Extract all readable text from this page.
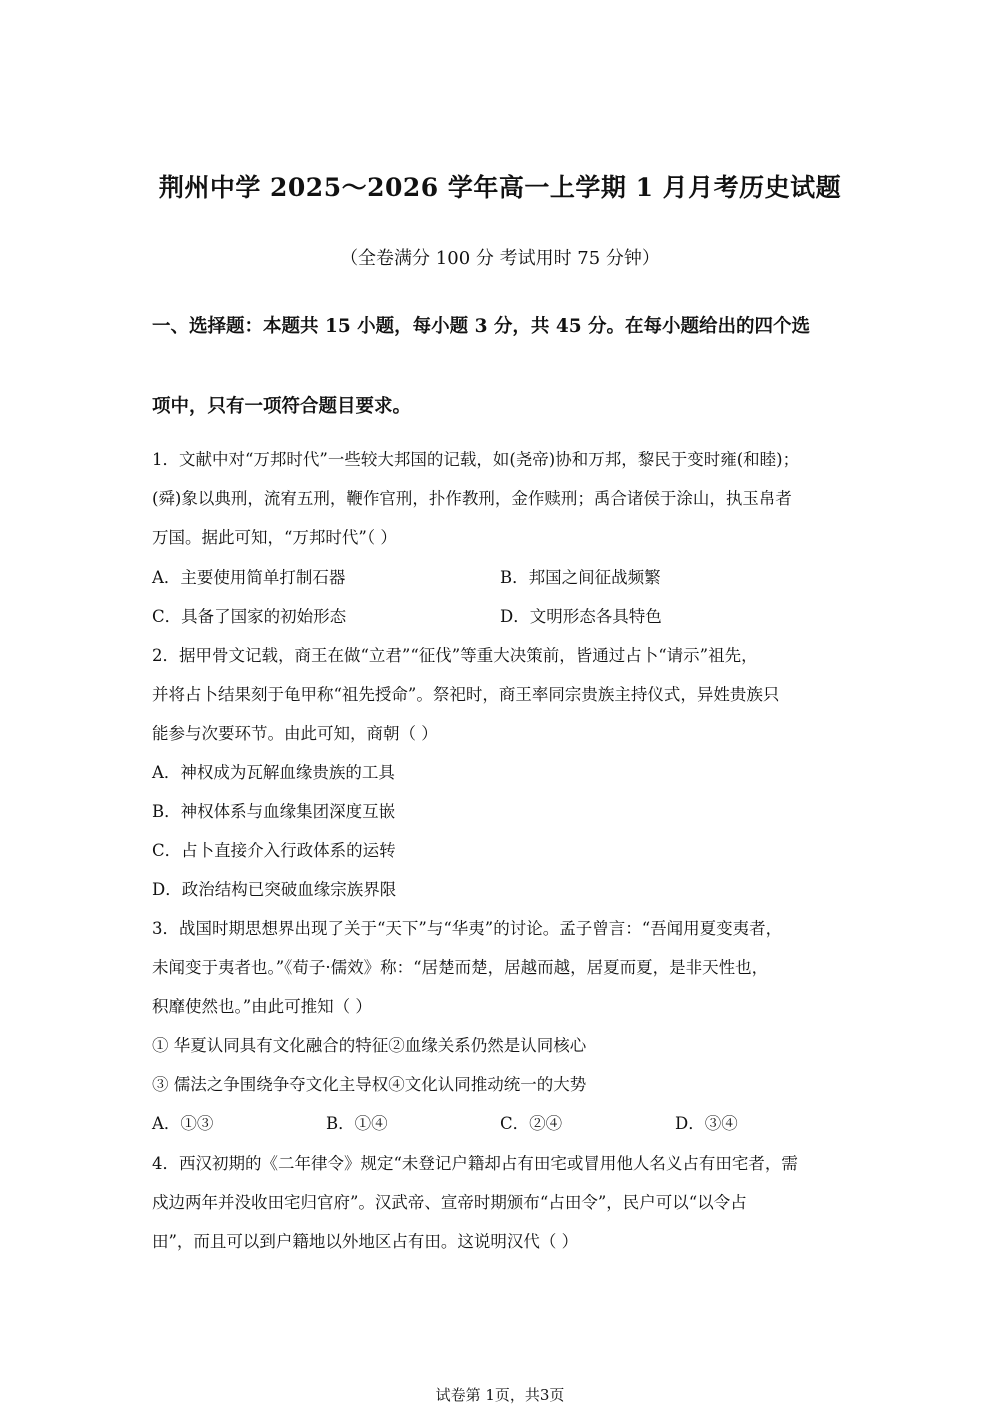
荆州中学 2025～2026 学年高一上学期 1 月月考历史试题
（全卷满分 100 分 考试用时 75 分钟）
一、选择题：本题共 15 小题，每小题 3 分，共 45 分。在每小题给出的四个选
项中，只有一项符合题目要求。
1．文献中对“万邦时代”一些较大邦国的记载，如(尧帝)协和万邦，黎民于变时雍(和睦)；
(舜)象以典刑，流宥五刑，鞭作官刑，扑作教刑，金作赎刑；禹合诸侯于涂山，执玉帛者
万国。据此可知，“万邦时代”（ ）
A．主要使用简单打制石器	B．邦国之间征战频繁
C．具备了国家的初始形态	D．文明形态各具特色
2．据甲骨文记载，商王在做“立君”“征伐”等重大决策前，皆通过占卜“请示”祖先，
并将占卜结果刻于龟甲称“祖先授命”。祭祀时，商王率同宗贵族主持仪式，异姓贵族只
能参与次要环节。由此可知，商朝（ ）
A．神权成为瓦解血缘贵族的工具
B．神权体系与血缘集团深度互嵌
C．占卜直接介入行政体系的运转
D．政治结构已突破血缘宗族界限
3．战国时期思想界出现了关于“天下”与“华夷”的讨论。孟子曾言：“吾闻用夏变夷者，
未闻变于夷者也。”《荀子·儒效》称：“居楚而楚，居越而越，居夏而夏，是非天性也，
积靡使然也。”由此可推知（ ）
① 华夏认同具有文化融合的特征②血缘关系仍然是认同核心
③ 儒法之争围绕争夺文化主导权④文化认同推动统一的大势
A．①③	B．①④	C．②④	D．③④
4．西汉初期的《二年律令》规定“未登记户籍却占有田宅或冒用他人名义占有田宅者，需
戍边两年并没收田宅归官府”。汉武帝、宣帝时期颁布“占田令”，民户可以“以令占
田”，而且可以到户籍地以外地区占有田。这说明汉代（ ）
试卷第 1页，共3页
